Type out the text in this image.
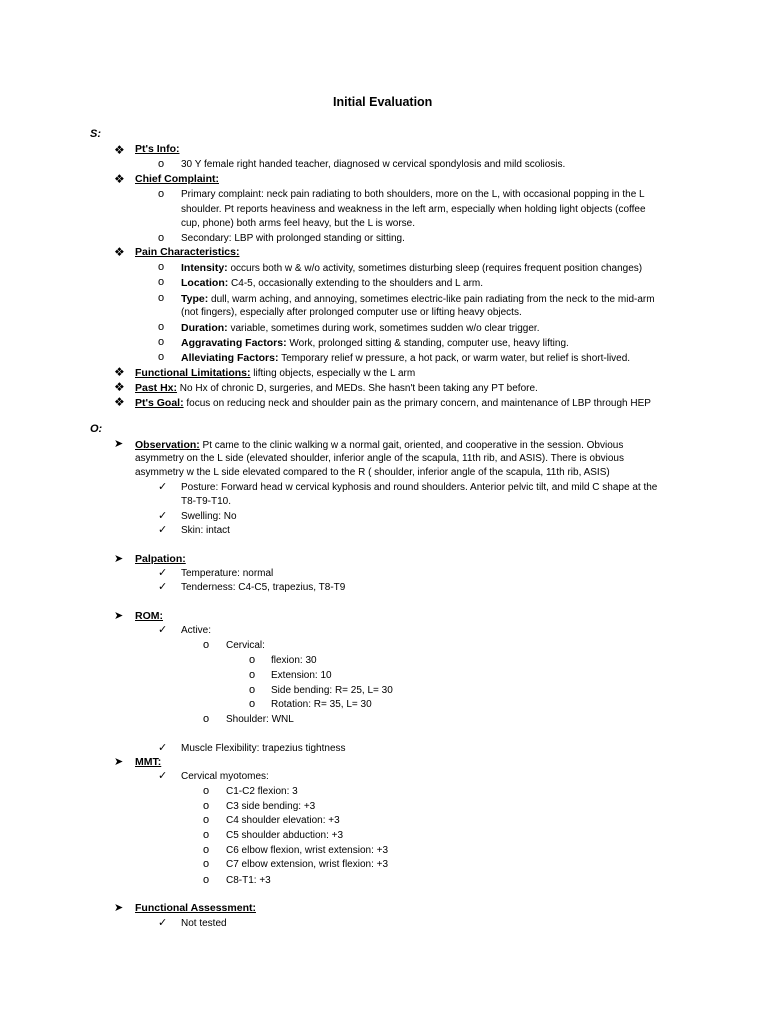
Initial Evaluation
S:
❖ Pt's Info:
o 30 Y female right handed teacher, diagnosed w cervical spondylosis and mild scoliosis.
❖ Chief Complaint:
o Primary complaint: neck pain radiating to both shoulders, more on the L, with occasional popping in the L
shoulder. Pt reports heaviness and weakness in the left arm, especially when holding light objects (coffee
cup, phone) both arms feel heavy, but the L is worse.
o Secondary: LBP with prolonged standing or sitting.
❖ Pain Characteristics:
o Intensity: occurs both w & w/o activity, sometimes disturbing sleep (requires frequent position changes)
o Location: C4-5, occasionally extending to the shoulders and L arm.
o Type: dull, warm aching, and annoying, sometimes electric-like pain radiating from the neck to the mid-arm
(not fingers), especially after prolonged computer use or lifting heavy objects.
o Duration: variable, sometimes during work, sometimes sudden w/o clear trigger.
o Aggravating Factors: Work, prolonged sitting & standing, computer use, heavy lifting.
o Alleviating Factors: Temporary relief w pressure, a hot pack, or warm water, but relief is short-lived.
❖ Functional Limitations: lifting objects, especially w the L arm
❖ Past Hx: No Hx of chronic D, surgeries, and MEDs. She hasn't been taking any PT before.
❖ Pt's Goal: focus on reducing neck and shoulder pain as the primary concern, and maintenance of LBP through HEP
O:
➤ Observation: Pt came to the clinic walking w a normal gait, oriented, and cooperative in the session. Obvious
asymmetry on the L side (elevated shoulder, inferior angle of the scapula, 11th rib, and ASIS). There is obvious
asymmetry w the L side elevated compared to the R ( shoulder, inferior angle of the scapula, 11th rib, ASIS)
✓ Posture: Forward head w cervical kyphosis and round shoulders. Anterior pelvic tilt, and mild C shape at the
T8-T9-T10.
✓ Swelling: No
✓ Skin: intact
➤ Palpation:
✓ Temperature: normal
✓ Tenderness: C4-C5, trapezius, T8-T9
➤ ROM:
✓ Active:
o Cervical:
o flexion: 30
o Extension: 10
o Side bending: R= 25, L= 30
o Rotation: R= 35, L= 30
o Shoulder: WNL
✓ Muscle Flexibility: trapezius tightness
➤ MMT:
✓ Cervical myotomes:
o C1-C2 flexion: 3
o C3 side bending: +3
o C4 shoulder elevation: +3
o C5 shoulder abduction: +3
o C6 elbow flexion, wrist extension: +3
o C7 elbow extension, wrist flexion: +3
o C8-T1: +3
➤ Functional Assessment:
✓ Not tested
